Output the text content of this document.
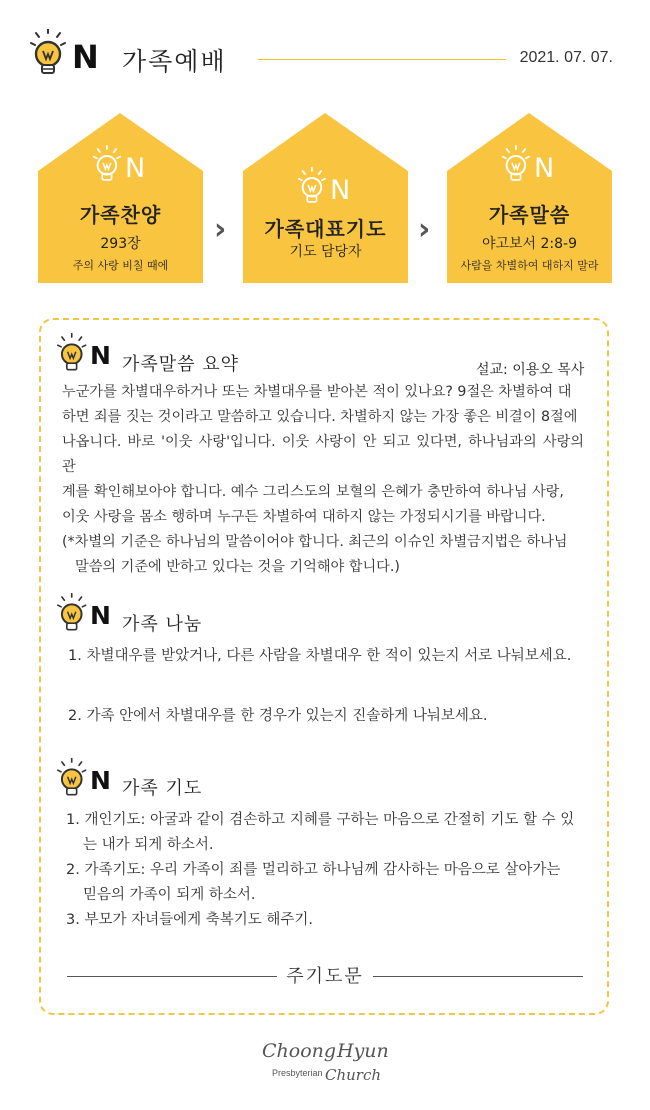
N 가족예배	2021. 07. 07.
N
가족찬양
293장
주의 사랑 비칠 때에
›
N
가족대표기도
기도 담당자
›
N
가족말씀
야고보서 2:8-9
사람을 차별하여 대하지 말라
N 가족말씀 요약	설교: 이용오 목사

누군가를 차별대우하거나 또는 차별대우를 받아본 적이 있나요? 9절은 차별하여 대

하면 죄를 짓는 것이라고 말씀하고 있습니다. 차별하지 않는 가장 좋은 비결이 8절에

나옵니다. 바로 '이웃 사랑'입니다. 이웃 사랑이 안 되고 있다면, 하나님과의 사랑의 관

계를 확인해보아야 합니다. 예수 그리스도의 보혈의 은혜가 충만하여 하나님 사랑,

이웃 사랑을 몸소 행하며 누구든 차별하여 대하지 않는 가정되시기를 바랍니다.

(*차별의 기준은 하나님의 말씀이어야 합니다. 최근의 이슈인 차별금지법은 하나님

말씀의 기준에 반하고 있다는 것을 기억해야 합니다.)

N 가족 나눔
1. 차별대우를 받았거나, 다른 사람을 차별대우 한 적이 있는지 서로 나눠보세요.
2. 가족 안에서 차별대우를 한 경우가 있는지 진솔하게 나눠보세요.
N 가족 기도

1. 개인기도: 아굴과 같이 겸손하고 지혜를 구하는 마음으로 간절히 기도 할 수 있

는 내가 되게 하소서.

2. 가족기도: 우리 가족이 죄를 멀리하고 하나님께 감사하는 마음으로 살아가는

믿음의 가족이 되게 하소서.

3. 부모가 자녀들에게 축복기도 해주기.

주기도문
Choong Hyun
Presbyterian Church
